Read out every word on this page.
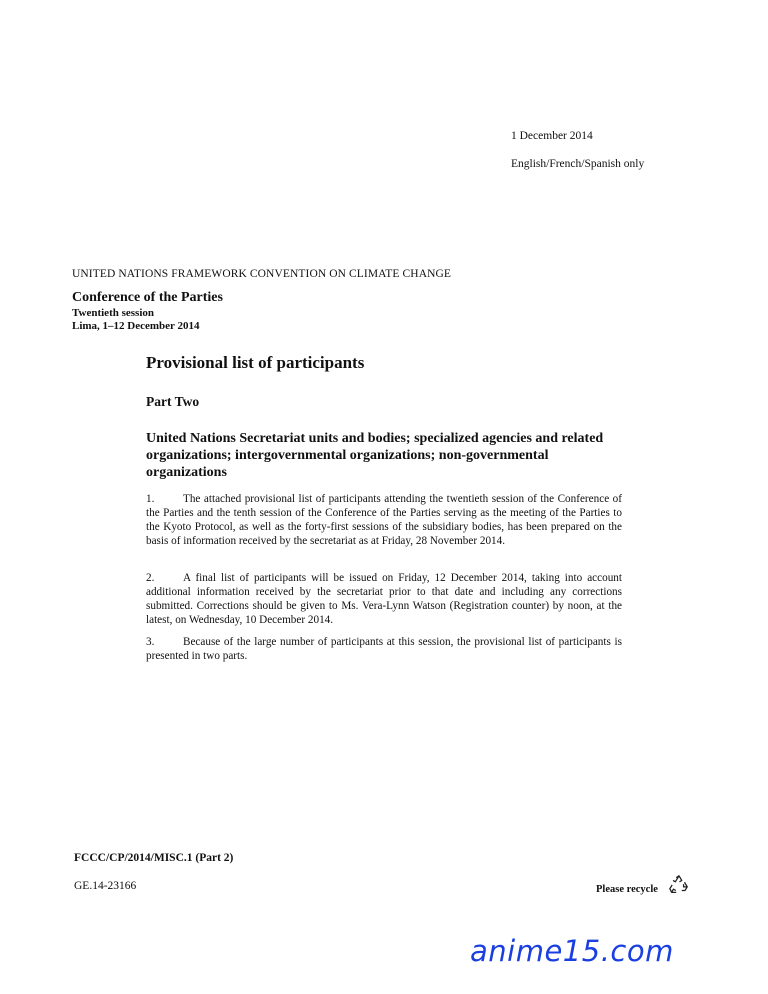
1 December 2014
English/French/Spanish only
UNITED NATIONS FRAMEWORK CONVENTION ON CLIMATE CHANGE
Conference of the Parties
Twentieth session
Lima, 1–12 December 2014
Provisional list of participants
Part Two
United Nations Secretariat units and bodies; specialized agencies and related organizations; intergovernmental organizations; non-governmental organizations
1.	The attached provisional list of participants attending the twentieth session of the Conference of the Parties and the tenth session of the Conference of the Parties serving as the meeting of the Parties to the Kyoto Protocol, as well as the forty-first sessions of the subsidiary bodies, has been prepared on the basis of information received by the secretariat as at Friday, 28 November 2014.
2.	A final list of participants will be issued on Friday, 12 December 2014, taking into account additional information received by the secretariat prior to that date and including any corrections submitted. Corrections should be given to Ms. Vera-Lynn Watson (Registration counter) by noon, at the latest, on Wednesday, 10 December 2014.
3.	Because of the large number of participants at this session, the provisional list of participants is presented in two parts.
FCCC/CP/2014/MISC.1 (Part 2)
GE.14-23166	Please recycle
anime15.com
